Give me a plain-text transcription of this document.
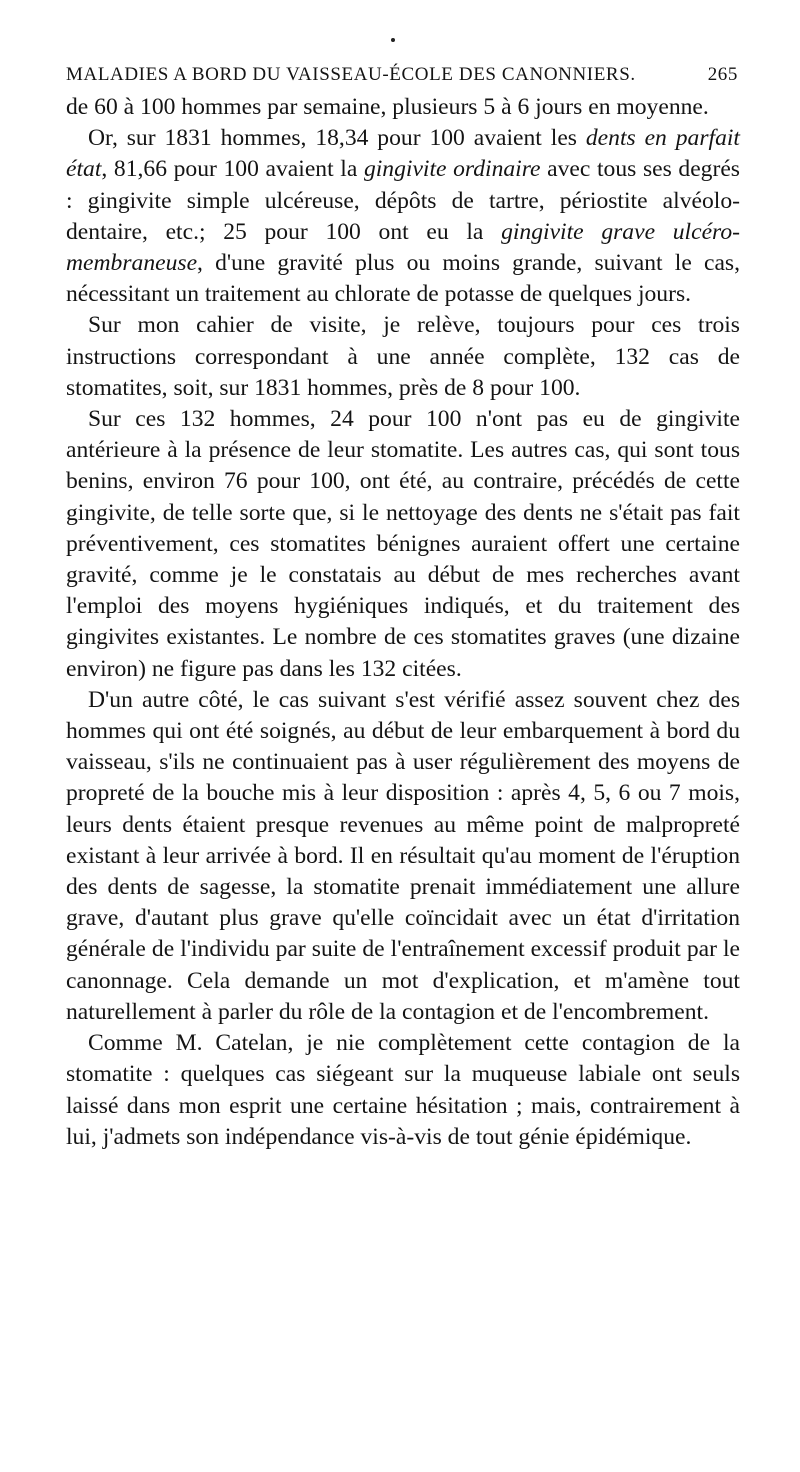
MALADIES A BORD DU VAISSEAU-ÉCOLE DES CANONNIERS.	265

de 60 à 100 hommes par semaine, plusieurs 5 à 6 jours en moyenne.

Or, sur 1831 hommes, 18,34 pour 100 avaient les dents en parfait état, 81,66 pour 100 avaient la gingivite ordinaire avec tous ses degrés : gingivite simple ulcéreuse, dépôts de tartre, périostite alvéolo-dentaire, etc.; 25 pour 100 ont eu la gingivite grave ulcéro-membraneuse, d'une gravité plus ou moins grande, suivant le cas, nécessitant un traitement au chlorate de potasse de quelques jours.

Sur mon cahier de visite, je relève, toujours pour ces trois instructions correspondant à une année complète, 132 cas de stomatites, soit, sur 1831 hommes, près de 8 pour 100.

Sur ces 132 hommes, 24 pour 100 n'ont pas eu de gingivite antérieure à la présence de leur stomatite. Les autres cas, qui sont tous benins, environ 76 pour 100, ont été, au contraire, précédés de cette gingivite, de telle sorte que, si le nettoyage des dents ne s'était pas fait préventivement, ces stomatites bénignes auraient offert une certaine gravité, comme je le constatais au début de mes recherches avant l'emploi des moyens hygiéniques indiqués, et du traitement des gingivites existantes. Le nombre de ces stomatites graves (une dizaine environ) ne figure pas dans les 132 citées.

D'un autre côté, le cas suivant s'est vérifié assez souvent chez des hommes qui ont été soignés, au début de leur embarquement à bord du vaisseau, s'ils ne continuaient pas à user régulièrement des moyens de propreté de la bouche mis à leur disposition : après 4, 5, 6 ou 7 mois, leurs dents étaient presque revenues au même point de malpropreté existant à leur arrivée à bord. Il en résultait qu'au moment de l'éruption des dents de sagesse, la stomatite prenait immédiatement une allure grave, d'autant plus grave qu'elle coïncidait avec un état d'irritation générale de l'individu par suite de l'entraînement excessif produit par le canonnage. Cela demande un mot d'explication, et m'amène tout naturellement à parler du rôle de la contagion et de l'encombrement.

Comme M. Catelan, je nie complètement cette contagion de la stomatite : quelques cas siégeant sur la muqueuse labiale ont seuls laissé dans mon esprit une certaine hésitation ; mais, contrairement à lui, j'admets son indépendance vis-à-vis de tout génie épidémique.
